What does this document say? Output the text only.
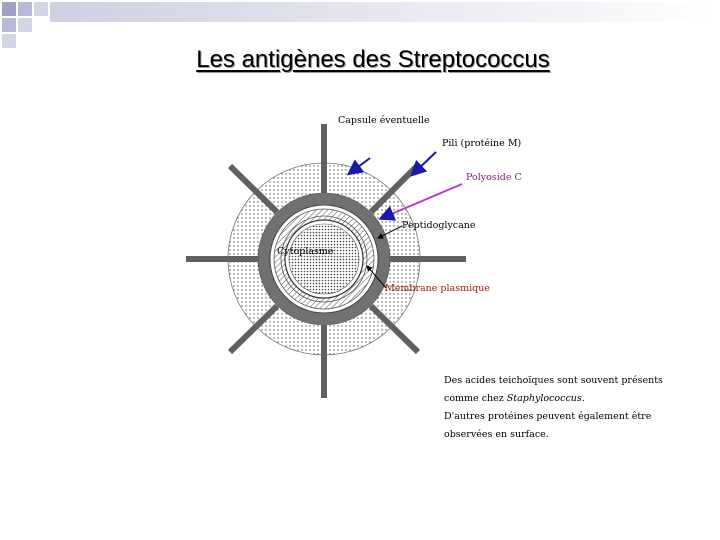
Les antigènes des Streptococcus
Capsule éventuelle
Pili (protéine M)
Polyoside C
Peptidoglycane
Cytoplasme
Membrane plasmique

Des acides teichoïques sont souvent présents

comme chez Staphylococcus.

D'autres protéines peuvent également être

observées en surface.
